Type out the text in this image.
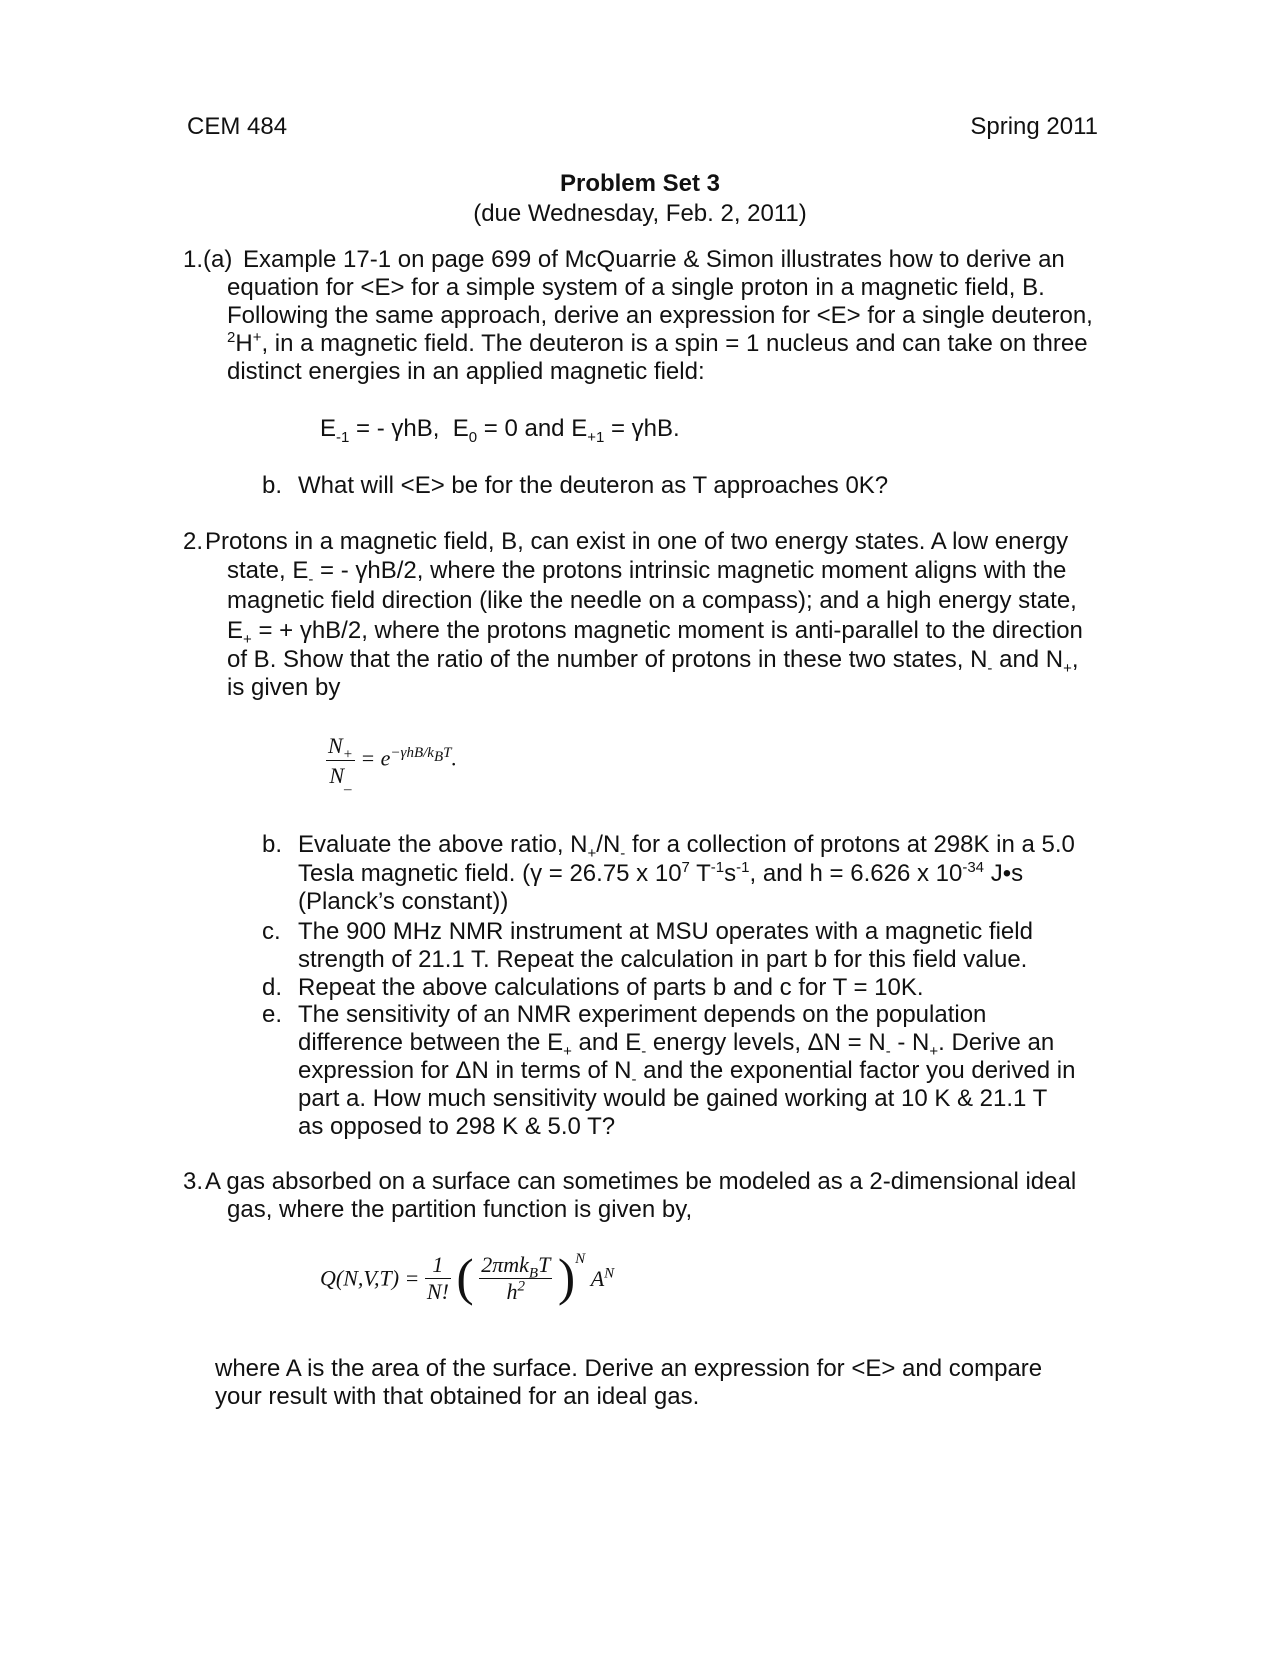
CEM 484	Spring 2011
Problem Set 3
(due Wednesday, Feb. 2, 2011)
1.(a) Example 17-1 on page 699 of McQuarrie & Simon illustrates how to derive an
equation for <E> for a simple system of a single proton in a magnetic field, B.
Following the same approach, derive an expression for <E> for a single deuteron,
$^2$H+, in a magnetic field. The deuteron is a spin = 1 nucleus and can take on three
distinct energies in an applied magnetic field:
$E_{-1}$ = - γhB, $E_0 = 0$ and $E_{+1} = \gamma hB$.
b. What will <E> be for the deuteron as T approaches 0K?
2. Protons in a magnetic field, B, can exist in one of two energy states. A low energy
state, $E_-$ = - γhB/2, where the protons intrinsic magnetic moment aligns with the
magnetic field direction (like the needle on a compass); and a high energy state,
$E_+$ = + γhB/2, where the protons magnetic moment is anti-parallel to the direction
of B. Show that the ratio of the number of protons in these two states, $N_-$ and $N_+$,
is given by
$\frac{N_+}{N_{\_}} = e^{-\gamma hB/k_BT}$.
b. Evaluate the above ratio, $N_+/N_-$ for a collection of protons at 298K in a 5.0
Tesla magnetic field. (γ = 26.75 x $10^7$ $T^{-1}s^{-1}$, and h = 6.626 x $10^{-34}$ J•s
(Planck’s constant))
c. The 900 MHz NMR instrument at MSU operates with a magnetic field
strength of 21.1 T. Repeat the calculation in part b for this field value.
d. Repeat the above calculations of parts b and c for T = 10K.
e. The sensitivity of an NMR experiment depends on the population
difference between the $E_+$ and $E_-$ energy levels, $\Delta N = N_- - N_+$. Derive an
expression for ΔN in terms of $N_-$ and the exponential factor you derived in
part a. How much sensitivity would be gained working at 10 K & 21.1 T
as opposed to 298 K & 5.0 T?
3. A gas absorbed on a surface can sometimes be modeled as a 2-dimensional ideal
gas, where the partition function is given by,
$Q(N,V,T) = \frac{1}{N!}$ ( $\frac{2\pi mk_BT}{h^2} )^N$ $A^N$
where A is the area of the surface. Derive an expression for <E> and compare
your result with that obtained for an ideal gas.
